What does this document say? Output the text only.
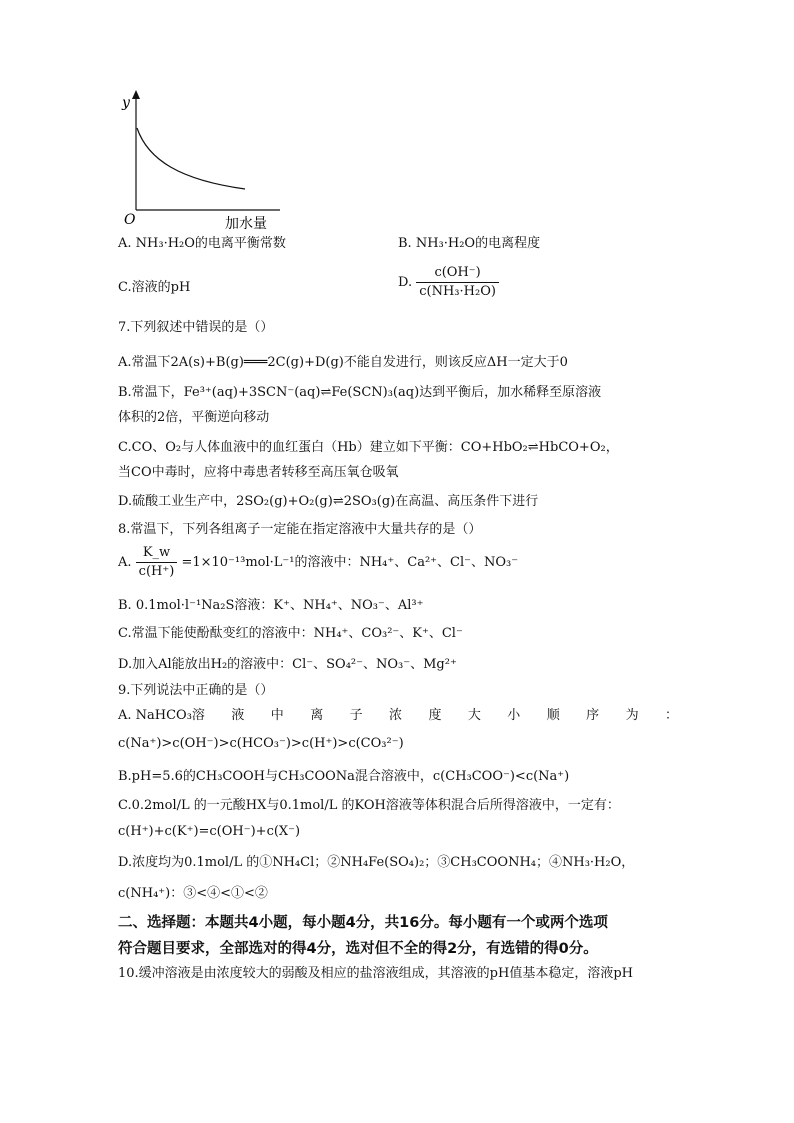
y
O	加水量
A. NH₃·H₂O的电离平衡常数	B. NH₃·H₂O的电离程度
C.溶液的pH	D. $\frac{c(OH^-)}{\text{c(NH₃·H₂O)}}$
7.下列叙述中错误的是（）
A.常温下2A(s)+B(g)═══2C(g)+D(g)不能自发进行，则该反应ΔH一定大于0
B.常温下，Fe³⁺(aq)+3SCN⁻(aq)⇌Fe(SCN)₃(aq)达到平衡后，加水稀释至原溶液
体积的2倍，平衡逆向移动
C.CO、O₂与人体血液中的血红蛋白（Hb）建立如下平衡：CO+HbO₂⇌HbCO+O₂，
当CO中毒时，应将中毒患者转移至高压氧仓吸氧
D.硫酸工业生产中，2SO₂(g)+O₂(g)⇌2SO₃(g)在高温、高压条件下进行
8.常温下，下列各组离子一定能在指定溶液中大量共存的是（）
A. $\frac{K\_w}{c(H^+)} =1\times 10^{-13}mol\cdot L^{-1}$的溶液中：NH₄⁺、Ca²⁺、Cl⁻、NO₃⁻
B. 0.1mol·l⁻¹Na₂S溶液：K⁺、NH₄⁺、NO₃⁻、Al³⁺
C.常温下能使酚酞变红的溶液中：NH₄⁺、CO₃²⁻、K⁺、Cl⁻
D.加入Al能放出H₂的溶液中：Cl⁻、SO₄²⁻、NO₃⁻、Mg²⁺
9.下列说法中正确的是（）
A. NaHCO₃溶 液 中 离 子 浓 度 大 小 顺 序 为 ：
c(Na⁺)>c(OH⁻)>c(HCO₃⁻)>c(H⁺)>c(CO₃²⁻)
B.pH=5.6的CH₃COOH与CH₃COONa混合溶液中，c(CH₃COO⁻)<c(Na⁺)
C.0.2mol/L 的一元酸HX与0.1mol/L 的KOH溶液等体积混合后所得溶液中，一定有：
c(H⁺)+c(K⁺)=c(OH⁻)+c(X⁻)
D.浓度均为0.1mol/L 的①NH₄Cl；②NH₄Fe(SO₄)₂；③CH₃COONH₄；④NH₃·H₂O，
c(NH₄⁺)：③<④<①<②
二、选择题：本题共4小题，每小题4分，共16分。每小题有一个或两个选项
符合题目要求，全部选对的得4分，选对但不全的得2分，有选错的得0分。
10.缓冲溶液是由浓度较大的弱酸及相应的盐溶液组成，其溶液的pH值基本稳定，溶液pH
